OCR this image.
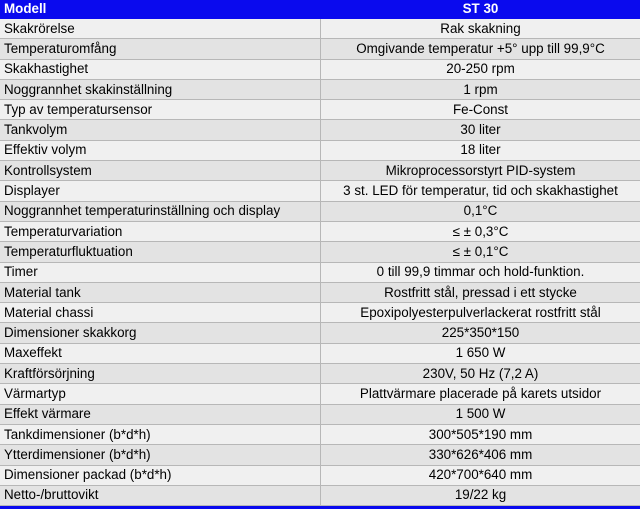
Modell	ST 30
Skakrörelse	Rak skakning
Temperaturomfång	Omgivande temperatur +5° upp till 99,9°C
Skakhastighet	20-250 rpm
Noggrannhet skakinställning	1 rpm
Typ av temperatursensor	Fe-Const
Tankvolym	30 liter
Effektiv volym	18 liter
Kontrollsystem	Mikroprocessorstyrt PID-system
Displayer	3 st. LED för temperatur, tid och skakhastighet
Noggrannhet temperaturinställning och display	0,1°C
Temperaturvariation	≤ ± 0,3°C
Temperaturfluktuation	≤ ± 0,1°C
Timer	0 till 99,9 timmar och hold-funktion.
Material tank	Rostfritt stål, pressad i ett stycke
Material chassi	Epoxipolyesterpulverlackerat rostfritt stål
Dimensioner skakkorg	225*350*150
Maxeffekt	1 650 W
Kraftförsörjning	230V, 50 Hz (7,2 A)
Värmartyp	Plattvärmare placerade på karets utsidor
Effekt värmare	1 500 W
Tankdimensioner (b*d*h)	300*505*190 mm
Ytterdimensioner (b*d*h)	330*626*406 mm
Dimensioner packad (b*d*h)	420*700*640 mm
Netto-/bruttovikt	19/22 kg
